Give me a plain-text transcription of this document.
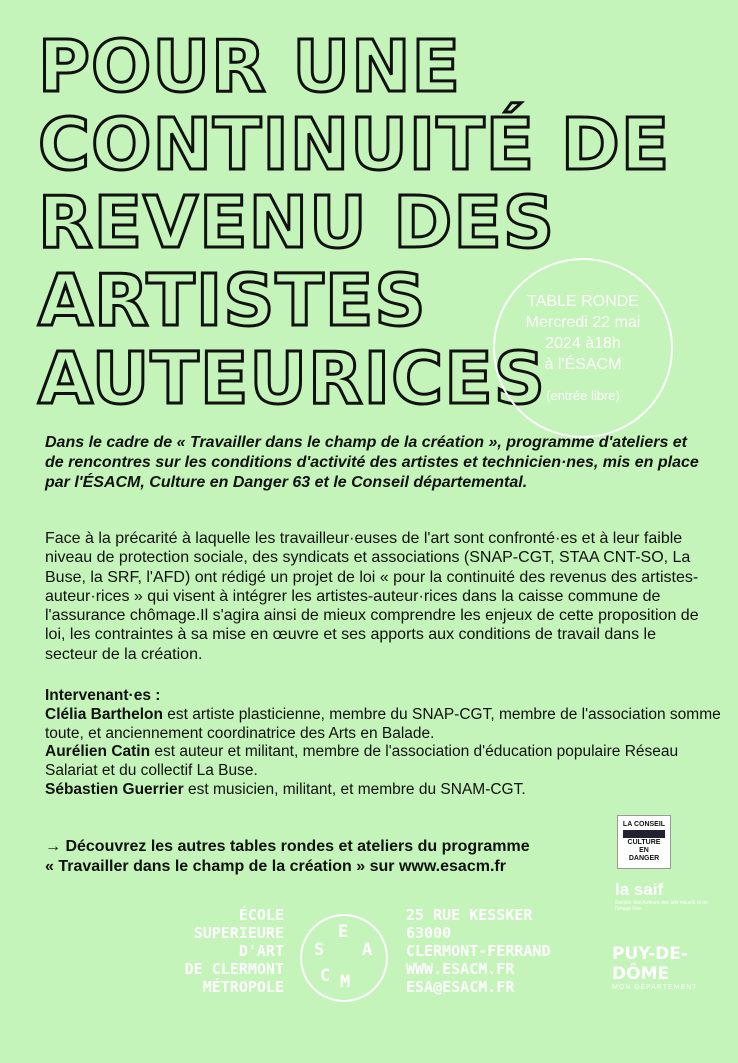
POUR UNE
CONTINUITÉ DE
REVENU DES
ARTISTES
AUTEURICES
TABLE RONDE
Mercredi 22 mai
2024 à18h
à l'ÉSACM
(entrée libre)
Dans le cadre de « Travailler dans le champ de la création », programme d'ateliers et de rencontres sur les conditions d'activité des artistes et technicien·nes, mis en place par l'ÉSACM, Culture en Danger 63 et le Conseil départemental.
Face à la précarité à laquelle les travailleur·euses de l'art sont confronté·es et à leur faible niveau de protection sociale, des syndicats et associations (SNAP-CGT, STAA CNT-SO, La Buse, la SRF, l'AFD) ont rédigé un projet de loi « pour la continuité des revenus des artistes-auteur·rices » qui visent à intégrer les artistes-auteur·rices dans la caisse commune de l'assurance chômage.Il s'agira ainsi de mieux comprendre les enjeux de cette proposition de loi, les contraintes à sa mise en œuvre et ses apports aux conditions de travail dans le secteur de la création.

Intervenant·es :

Clélia Barthelon est artiste plasticienne, membre du SNAP-CGT, membre de l'association somme toute, et anciennement coordinatrice des Arts en Balade.

Aurélien Catin est auteur et militant, membre de l'association d'éducation populaire Réseau Salariat et du collectif La Buse.

Sébastien Guerrier est musicien, militant, et membre du SNAM-CGT.

→ Découvrez les autres tables rondes et ateliers du programme
« Travailler dans le champ de la création » sur www.esacm.fr
ÉCOLE
SUPERIEURE
D'ART
DE CLERMONT
MÉTROPOLE
E
S A
C M
25 RUE KESSKER
63000
CLERMONT-FERRAND
WWW.ESACM.FR
ESA@ESACM.FR
LA CONSEIL
CULTURE
EN
DANGER
la saif
Société des Auteurs des arts visuels et de l'Image Fixe
PUY-DE-DÔME
MON DÉPARTEMENT
